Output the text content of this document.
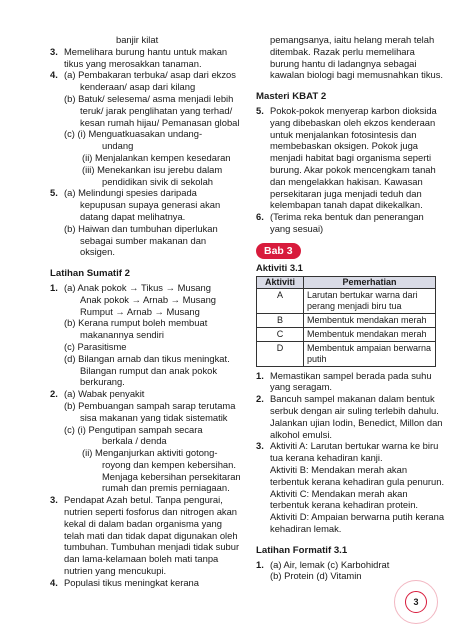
banjir kilat
3. Memelihara burung hantu untuk makan
tikus yang merosakkan tanaman.
4. (a) Pembakaran terbuka/ asap dari ekzos
kenderaan/ asap dari kilang
(b) Batuk/ selesema/ asma menjadi lebih
teruk/ jarak penglihatan yang terhad/
kesan rumah hijau/ Pemanasan global
(c) (i) Menguatkuasakan undang-
undang
(ii) Menjalankan kempen kesedaran
(iii) Menekankan isu jerebu dalam
pendidikan sivik di sekolah
5. (a) Melindungi spesies daripada
kepupusan supaya generasi akan
datang dapat melihatnya.
(b) Haiwan dan tumbuhan diperlukan
sebagai sumber makanan dan
oksigen.
Latihan Sumatif 2
1. (a) Anak pokok → Tikus → Musang
Anak pokok → Arnab → Musang
Rumput → Arnab → Musang
(b) Kerana rumput boleh membuat
makanannya sendiri
(c) Parasitisme
(d) Bilangan arnab dan tikus meningkat.
Bilangan rumput dan anak pokok
berkurang.
2. (a) Wabak penyakit
(b) Pembuangan sampah sarap terutama
sisa makanan yang tidak sistematik
(c) (i) Pengutipan sampah secara
berkala / denda
(ii) Menganjurkan aktiviti gotong-
royong dan kempen kebersihan.
Menjaga kebersihan persekitaran
rumah dan premis perniagaan.
3. Pendapat Azah betul. Tanpa pengurai,
nutrien seperti fosforus dan nitrogen akan
kekal di dalam badan organisma yang
telah mati dan tidak dapat digunakan oleh
tumbuhan. Tumbuhan menjadi tidak subur
dan lama-kelamaan boleh mati tanpa
nutrien yang mencukupi.
4. Populasi tikus meningkat kerana
pemangsanya, iaitu helang merah telah
ditembak. Razak perlu memelihara
burung hantu di ladangnya sebagai
kawalan biologi bagi memusnahkan tikus.
Masteri KBAT 2
5. Pokok-pokok menyerap karbon dioksida
yang dibebaskan oleh ekzos kenderaan
untuk menjalankan fotosintesis dan
membebaskan oksigen. Pokok juga
menjadi habitat bagi organisma seperti
burung. Akar pokok mencengkam tanah
dan mengelakkan hakisan. Kawasan
persekitaran juga menjadi teduh dan
kelembapan tanah dapat dikekalkan.
6. (Terima reka bentuk dan penerangan
yang sesuai)
Bab 3
Aktiviti 3.1
Aktiviti	Pemerhatian
A	Larutan bertukar warna dari perang menjadi biru tua
B	Membentuk mendakan merah
C	Membentuk mendakan merah
D	Membentuk ampaian berwarna putih
1. Memastikan sampel berada pada suhu
yang seragam.
2. Bancuh sampel makanan dalam bentuk
serbuk dengan air suling terlebih dahulu.
Jalankan ujian Iodin, Benedict, Millon dan
alkohol emulsi.
3. Aktiviti A: Larutan bertukar warna ke biru
tua kerana kehadiran kanji.
Aktiviti B: Mendakan merah akan
terbentuk kerana kehadiran gula penurun.
Aktiviti C: Mendakan merah akan
terbentuk kerana kehadiran protein.
Aktiviti D: Ampaian berwarna putih kerana
kehadiran lemak.
Latihan Formatif 3.1
1. (a) Air, lemak (c) Karbohidrat
(b) Protein (d) Vitamin
3
